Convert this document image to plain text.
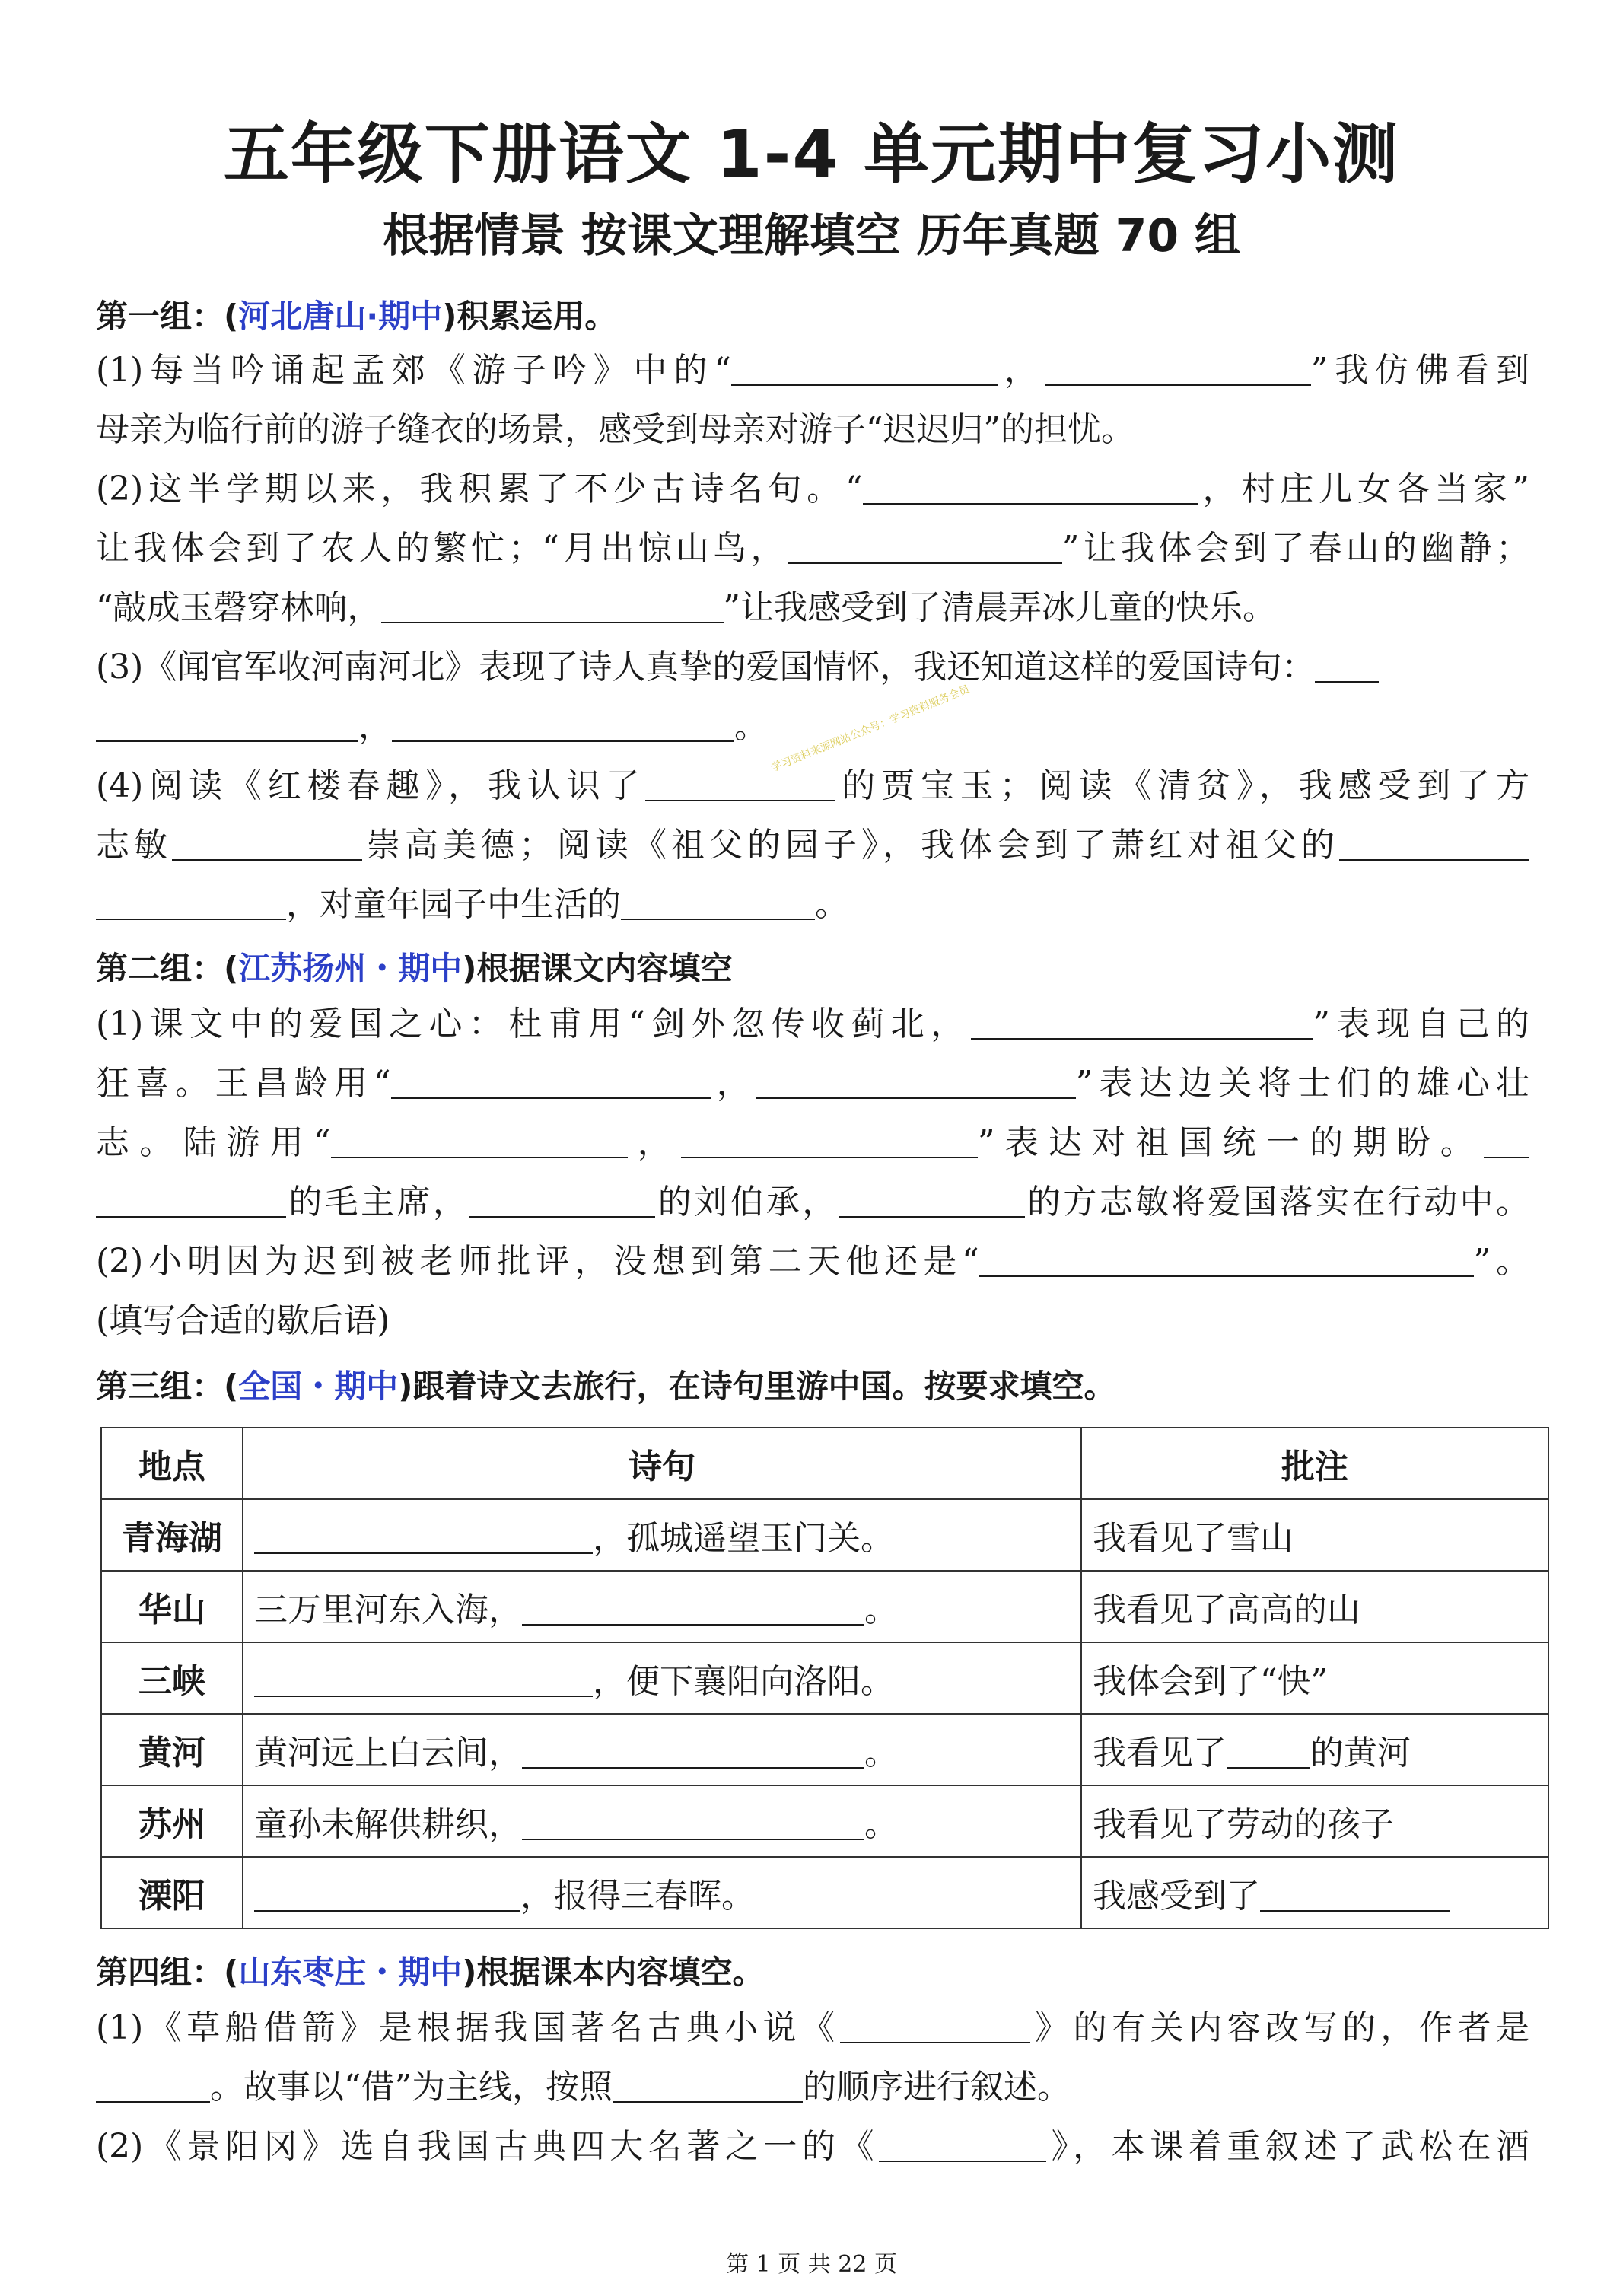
五年级下册语文 1-4 单元期中复习小测
根据情景 按课文理解填空 历年真题 70 组
学习资料来源网站公众号：学习资料服务会员
第一组：(河北唐山·期中)积累运用。
(1)每当吟诵起孟郊《游子吟》中的“	，	”我仿佛看到
母亲为临行前的游子缝衣的场景，感受到母亲对游子“迟迟归”的担忧。
(2)这半学期以来，我积累了不少古诗名句。“	，村庄儿女各当家”
让我体会到了农人的繁忙；“月出惊山鸟，	”让我体会到了春山的幽静；
“敲成玉磬穿林响，	”让我感受到了清晨弄冰儿童的快乐。
(3)《闻官军收河南河北》表现了诗人真挚的爱国情怀，我还知道这样的爱国诗句：
，	。
(4)阅读《红楼春趣》，我认识了	的贾宝玉；阅读《清贫》，我感受到了方
志敏	崇高美德；阅读《祖父的园子》，我体会到了萧红对祖父的
，对童年园子中生活的	。
第二组：(江苏扬州・期中)根据课文内容填空
(1)课文中的爱国之心：杜甫用“剑外忽传收蓟北，	”表现自己的
狂喜。王昌龄用“	，	”表达边关将士们的雄心壮
志。陆游用“	，	”表达对祖国统一的期盼。
的毛主席，	的刘伯承，	的方志敏将爱国落实在行动中。
(2)小明因为迟到被老师批评，没想到第二天他还是“	”。
(填写合适的歇后语)
第三组：(全国・期中)跟着诗文去旅行，在诗句里游中国。按要求填空。
地点	诗句	批注
青海湖	，孤城遥望玉门关。	我看见了雪山
华山	三万里河东入海， 。	我看见了高高的山
三峡	，便下襄阳向洛阳。	我体会到了“快”
黄河	黄河远上白云间， 。	我看见了 的黄河
苏州	童孙未解供耕织， 。	我看见了劳动的孩子
溧阳	，报得三春晖。	我感受到了
第四组：(山东枣庄・期中)根据课本内容填空。
(1)《草船借箭》是根据我国著名古典小说《	》的有关内容改写的，作者是
。故事以“借”为主线，按照	的顺序进行叙述。
(2)《景阳冈》选自我国古典四大名著之一的《	》，本课着重叙述了武松在酒
第 1 页 共 22 页
